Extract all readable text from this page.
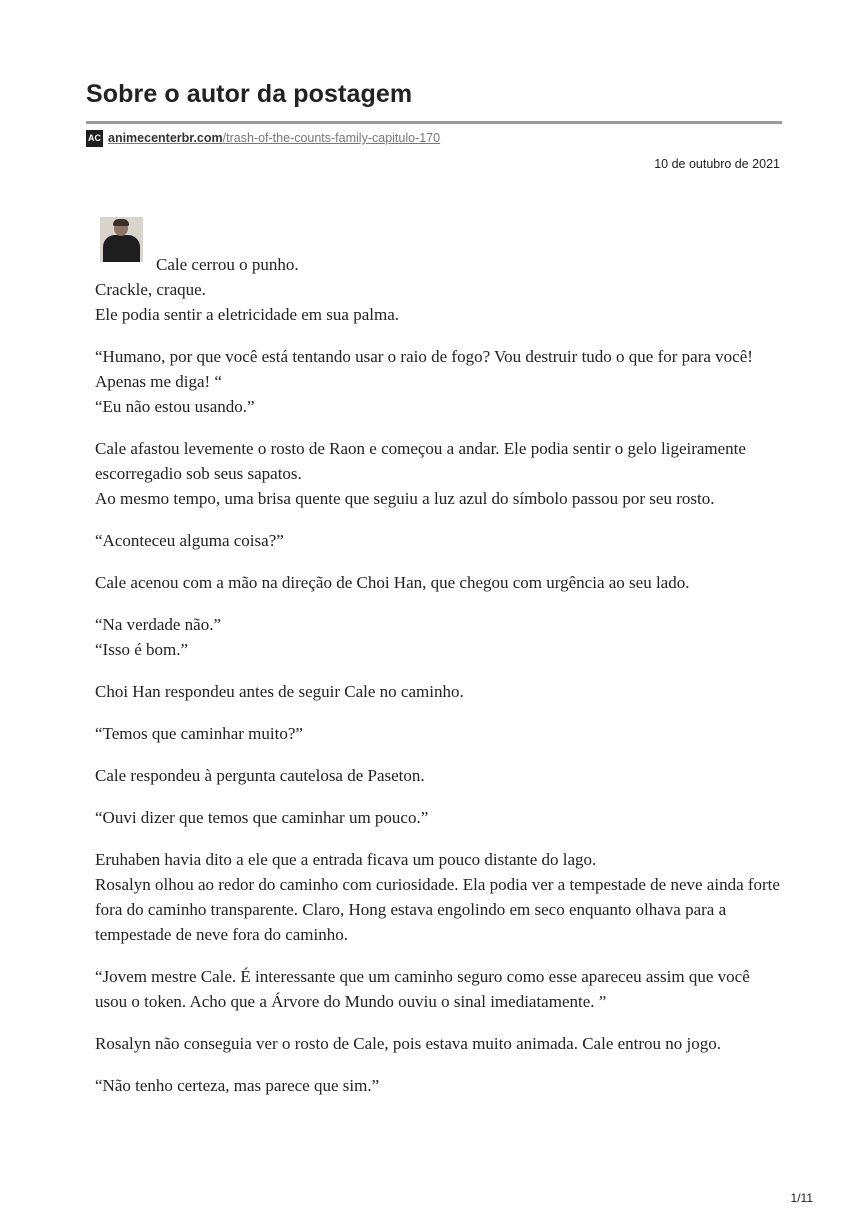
Sobre o autor da postagem
AC animecenterbr.com/trash-of-the-counts-family-capitulo-170
10 de outubro de 2021

Cale cerrou o punho.
Crackle, craque.
Ele podia sentir a eletricidade em sua palma.

“Humano, por que você está tentando usar o raio de fogo? Vou destruir tudo o que for para você! Apenas me diga! “
“Eu não estou usando.”

Cale afastou levemente o rosto de Raon e começou a andar. Ele podia sentir o gelo ligeiramente escorregadio sob seus sapatos.
Ao mesmo tempo, uma brisa quente que seguiu a luz azul do símbolo passou por seu rosto.

“Aconteceu alguma coisa?”

Cale acenou com a mão na direção de Choi Han, que chegou com urgência ao seu lado.

“Na verdade não.”
“Isso é bom.”

Choi Han respondeu antes de seguir Cale no caminho.

“Temos que caminhar muito?”

Cale respondeu à pergunta cautelosa de Paseton.

“Ouvi dizer que temos que caminhar um pouco.”

Eruhaben havia dito a ele que a entrada ficava um pouco distante do lago.
Rosalyn olhou ao redor do caminho com curiosidade. Ela podia ver a tempestade de neve ainda forte fora do caminho transparente. Claro, Hong estava engolindo em seco enquanto olhava para a tempestade de neve fora do caminho.

“Jovem mestre Cale. É interessante que um caminho seguro como esse apareceu assim que você usou o token. Acho que a Árvore do Mundo ouviu o sinal imediatamente. ”

Rosalyn não conseguia ver o rosto de Cale, pois estava muito animada. Cale entrou no jogo.

“Não tenho certeza, mas parece que sim.”

1/11
